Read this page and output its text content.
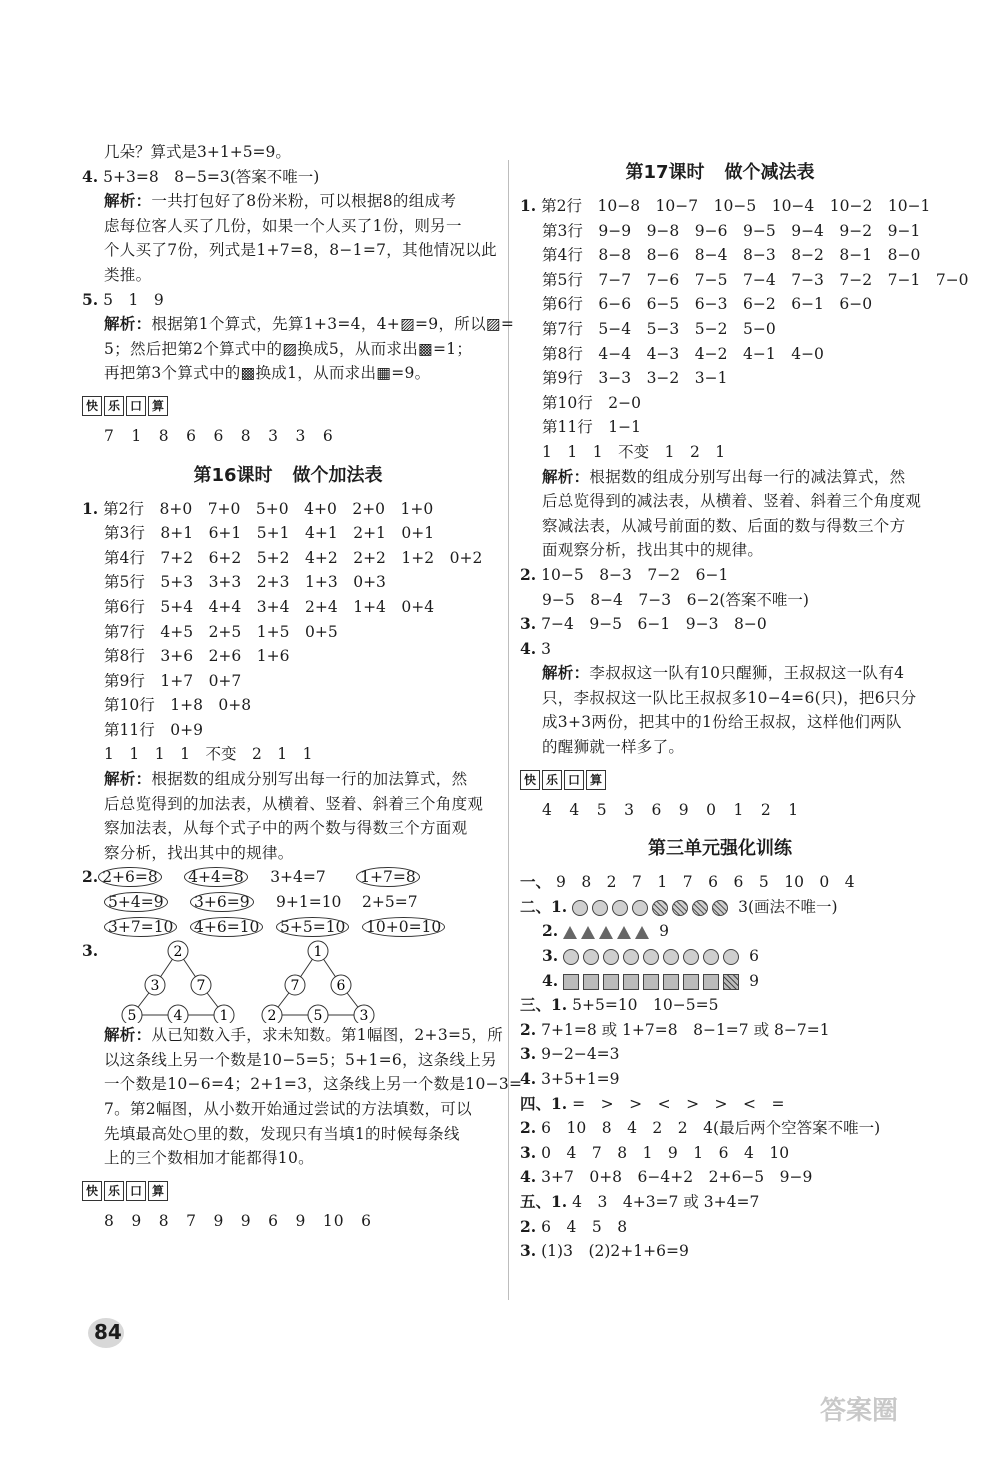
几朵？算式是3+1+5=9。
4. 5+3=8　8−5=3(答案不唯一)
解析：一共打包好了8份米粉，可以根据8的组成考
虑每位客人买了几份，如果一个人买了1份，则另一
个人买了7份，列式是1+7=8，8−1=7，其他情况以此
类推。
5. 5　1　9
解析：根据第1个算式，先算1+3=4，4+▨=9，所以▨=
5；然后把第2个算式中的▨换成5，从而求出▩=1；
再把第3个算式中的▩换成1，从而求出▦=9。
快 乐 口 算
7　1　8　6　6　8　3　3　6
第16课时 做个加法表
1. 第2行　8+0　7+0　5+0　4+0　2+0　1+0
第3行　8+1　6+1　5+1　4+1　2+1　0+1
第4行　7+2　6+2　5+2　4+2　2+2　1+2　0+2
第5行　5+3　3+3　2+3　1+3　0+3
第6行　5+4　4+4　3+4　2+4　1+4　0+4
第7行　4+5　2+5　1+5　0+5
第8行　3+6　2+6　1+6
第9行　1+7　0+7
第10行　1+8　0+8
第11行　0+9
1　1　1　1　不变　2　1　1
解析：根据数的组成分别写出每一行的加法算式，然
后总览得到的加法表，从横着、竖着、斜着三个角度观
察加法表，从每个式子中的两个数与得数三个方面观
察分析，找出其中的规律。
2. 2+6=8 4+4=8 3+4=7 1+7=8
5+4=9 3+6=9 9+1=10 2+5=7
3+7=10 4+6=10 5+5=10 10+0=10
3.	2
3	7
5	4	1
1
7	6
2	5	3
解析：从已知数入手，求未知数。第1幅图，2+3=5，所
以这条线上另一个数是10−5=5；5+1=6，这条线上另
一个数是10−6=4；2+1=3，这条线上另一个数是10−3=
7。第2幅图，从小数开始通过尝试的方法填数，可以
先填最高处○里的数，发现只有当填1的时候每条线
上的三个数相加才能都得10。
快 乐 口 算
8　9　8　7　9　9　6　9　10　6
第17课时 做个减法表
1. 第2行　10−8　10−7　10−5　10−4　10−2　10−1
第3行　9−9　9−8　9−6　9−5　9−4　9−2　9−1
第4行　8−8　8−6　8−4　8−3　8−2　8−1　8−0
第5行　7−7　7−6　7−5　7−4　7−3　7−2　7−1　7−0
第6行　6−6　6−5　6−3　6−2　6−1　6−0
第7行　5−4　5−3　5−2　5−0
第8行　4−4　4−3　4−2　4−1　4−0
第9行　3−3　3−2　3−1
第10行　2−0
第11行　1−1
1　1　1　不变　1　2　1
解析：根据数的组成分别写出每一行的减法算式，然
后总览得到的减法表，从横着、竖着、斜着三个角度观
察减法表，从减号前面的数、后面的数与得数三个方
面观察分析，找出其中的规律。
2. 10−5　8−3　7−2　6−1
9−5　8−4　7−3　6−2(答案不唯一)
3. 7−4　9−5　6−1　9−3　8−0
4. 3
解析：李叔叔这一队有10只醒狮，王叔叔这一队有4
只，李叔叔这一队比王叔叔多10−4=6(只)，把6只分
成3+3两份，把其中的1份给王叔叔，这样他们两队
的醒狮就一样多了。
快 乐 口 算
4　4　5　3　6　9　0　1　2　1
第三单元强化训练
一、 9　8　2　7　1　7　6　6　5　10　0　4
二、1.	3(画法不唯一)
2.	9
3.	6
4.	9
三、1. 5+5=10　10−5=5
2. 7+1=8 或 1+7=8　8−1=7 或 8−7=1
3. 9−2−4=3
4. 3+5+1=9
四、1. =　>　>　<　>　>　<　=
2. 6　10　8　4　2　2　4(最后两个空答案不唯一)
3. 0　4　7　8　1　9　1　6　4　10
4. 3+7　0+8　6−4+2　2+6−5　9−9
五、1. 4　3　4+3=7 或 3+4=7
2. 6　4　5　8
3. (1)3　(2)2+1+6=9
84
答案圈
